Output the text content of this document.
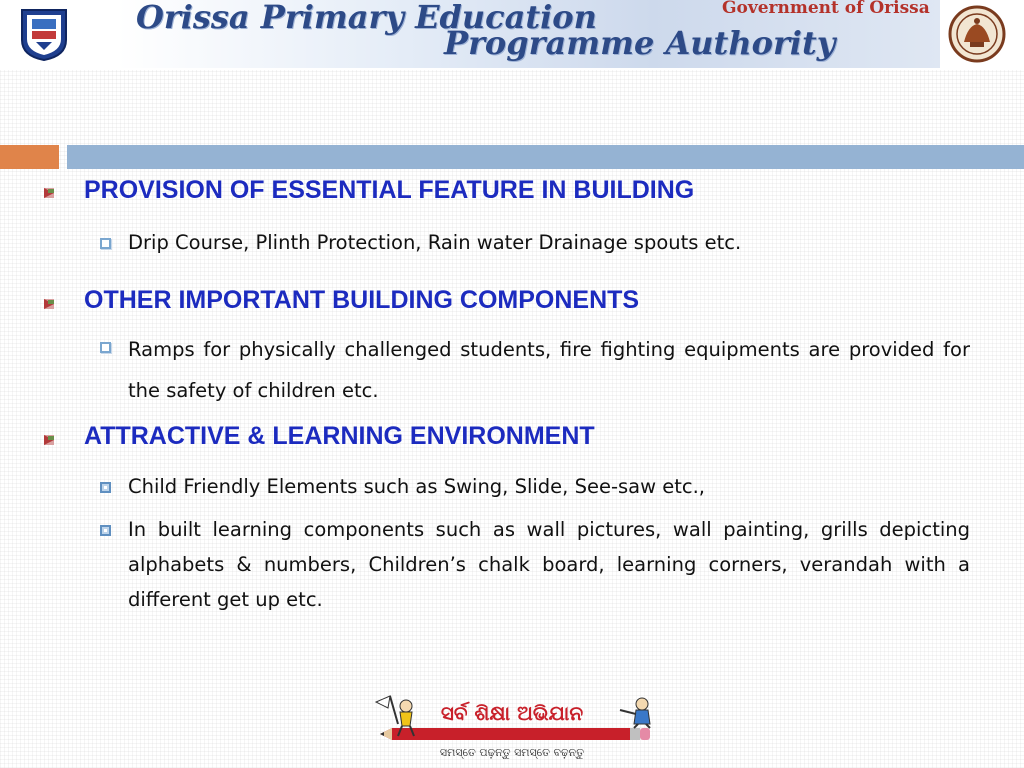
Orissa Primary Education
Programme Authority
Government of Orissa
PROVISION OF ESSENTIAL FEATURE IN BUILDING
Drip Course, Plinth Protection, Rain water Drainage spouts etc.
OTHER IMPORTANT BUILDING COMPONENTS
Ramps for physically challenged students, fire fighting equipments are provided for the safety of children etc.
ATTRACTIVE & LEARNING ENVIRONMENT
Child Friendly Elements such as Swing, Slide, See-saw etc.,
In built learning components such as wall pictures, wall painting, grills depicting alphabets & numbers, Children’s chalk board, learning corners, verandah with a different get up etc.
ସର୍ବ ଶିକ୍ଷା ଅଭିଯାନ
ସମସ୍ତେ ପଢ଼ନ୍ତୁ ସମସ୍ତେ ବଢ଼ନ୍ତୁ
